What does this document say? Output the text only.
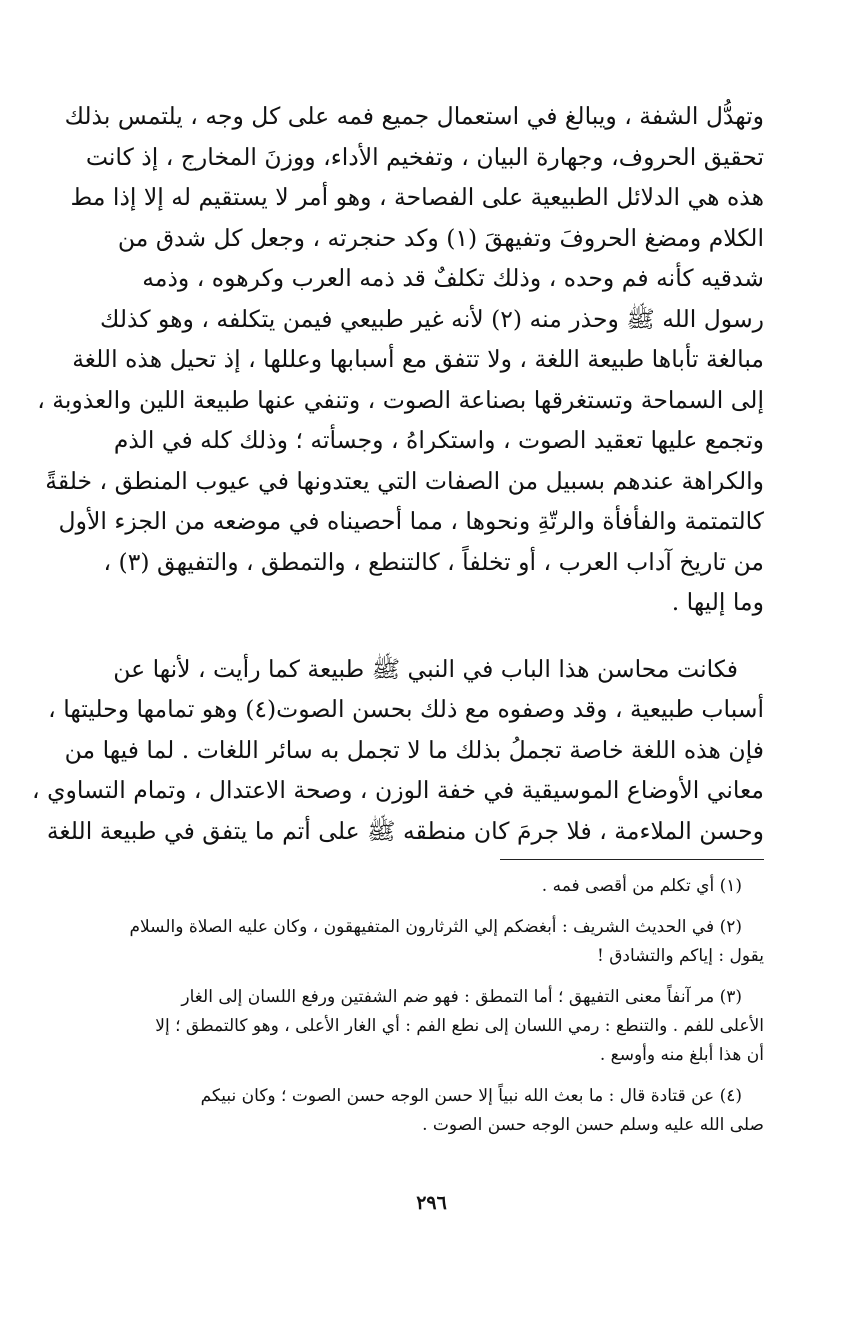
وتهدُّل الشفة ، ويبالغ في استعمال جميع فمه على كل وجه ، يلتمس بذلك
تحقيق الحروف، وجهارة البيان ، وتفخيم الأداء، ووزنَ المخارج ، إذ كانت
هذه هي الدلائل الطبيعية على الفصاحة ، وهو أمر لا يستقيم له إلا إذا مط
الكلام ومضغ الحروفَ وتفيهقَ (١) وكد حنجرته ، وجعل كل شدق من
شدقيه كأنه فم وحده ، وذلك تكلفٌ قد ذمه العرب وكرهوه ، وذمه
رسول الله ﷺ وحذر منه (٢) لأنه غير طبيعي فيمن يتكلفه ، وهو كذلك
مبالغة تأباها طبيعة اللغة ، ولا تتفق مع أسبابها وعللها ، إذ تحيل هذه اللغة
إلى السماحة وتستغرقها بصناعة الصوت ، وتنفي عنها طبيعة اللين والعذوبة ،
وتجمع عليها تعقيد الصوت ، واستكراهُ ، وجسأته ؛ وذلك كله في الذم
والكراهة عندهم بسبيل من الصفات التي يعتدونها في عيوب المنطق ، خلقةً
كالتمتمة والفأفأة والرتّةِ ونحوها ، مما أحصيناه في موضعه من الجزء الأول
من تاريخ آداب العرب ، أو تخلفاً ، كالتنطع ، والتمطق ، والتفيهق (٣) ،
وما إليها .
فكانت محاسن هذا الباب في النبي ﷺ طبيعة كما رأيت ، لأنها عن
أسباب طبيعية ، وقد وصفوه مع ذلك بحسن الصوت(٤) وهو تمامها وحليتها ،
فإن هذه اللغة خاصة تجملُ بذلك ما لا تجمل به سائر اللغات . لما فيها من
معاني الأوضاع الموسيقية في خفة الوزن ، وصحة الاعتدال ، وتمام التساوي ،
وحسن الملاءمة ، فلا جرمَ كان منطقه ﷺ على أتم ما يتفق في طبيعة اللغة
(١) أي تكلم من أقصى فمه .
(٢) في الحديث الشريف : أبغضكم إلي الثرثارون المتفيهقون ، وكان عليه الصلاة والسلام
يقول : إياكم والتشادق !
(٣) مر آنفاً معنى التفيهق ؛ أما التمطق : فهو ضم الشفتين ورفع اللسان إلى الغار
الأعلى للفم . والتنطع : رمي اللسان إلى نطع الفم : أي الغار الأعلى ، وهو كالتمطق ؛ إلا
أن هذا أبلغ منه وأوسع .
(٤) عن قتادة قال : ما بعث الله نبياً إلا حسن الوجه حسن الصوت ؛ وكان نبيكم
صلى الله عليه وسلم حسن الوجه حسن الصوت .
٢٩٦
